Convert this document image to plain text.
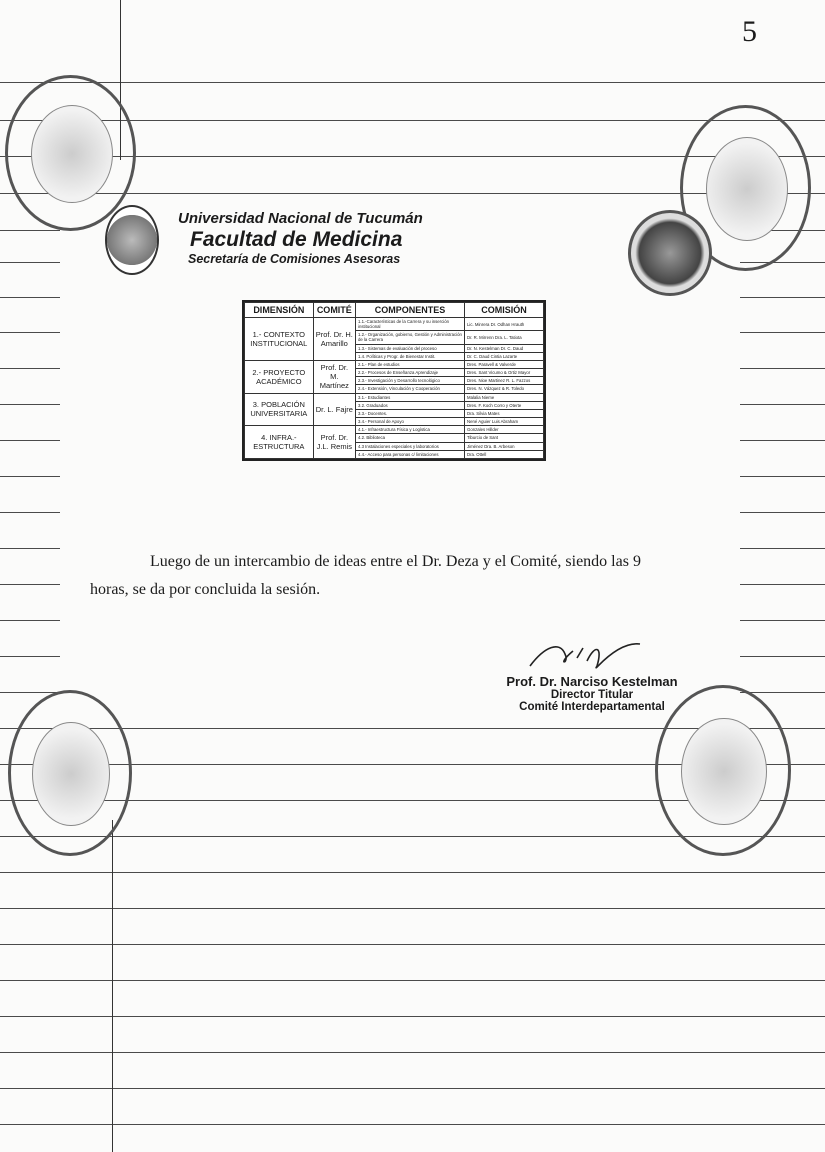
5
Universidad Nacional de Tucumán
Facultad de Medicina
Secretaría de Comisiones Asesoras
DIMENSIÓN	COMITÉ	COMPONENTES	COMISIÓN
1.- CONTEXTO INSTITUCIONAL	Prof. Dr. H. Amarillo	1.1.-Características de la Carrera y su inserción institucional	Lic. Minrera Dr. Odhan Hrauth
		1.2.- Organización, gobierno, Gestión y Administración de la Carrera	Dr. R. Mirrenn Dra. L. Tatiota
		1.3.- Sistemas de evaluación del proceso	Dr. N. Kestelman Dr. C. Daud
		1.4. Políticas y Progr. de Bienestar Instit.	Dr. C. Daud Cintia Lazarte
2.- PROYECTO ACADÉMICO	Prof. Dr. M. Martínez	2.1.- Plan de estudios	Dres. Paravell & Valverde
		2.2.- Procesos de Enseñanza Aprendizaje	Dres. Sant Vicumo & Ortiz Mayor
		2.3.- Investigación y Desarrollo tecnológico	Dres. Nioe Martinez R. L. Fazzos
		2.4.- Extensión, Vinculación y Cooperación	Dres. N. Vázquez & R. Toledo
3. POBLACIÓN UNIVERSITARIA	Dr. L. Fajre	3.1.- Estudiantes	Malalia Nieme
		3.2. Graduados	Dres. F. Koch Corro y Oterte
		3.3.- Docentes.	Dra. Silvia Mates
		3.4.- Personal de Apoyo	Nené Aguier Luis Abraham
4. INFRA.- ESTRUCTURA	Prof. Dr. J.L. Remis	4.1.- Infraestructura Física y Logística	Gonzales Hillder
		4.2. Biblioteca	Tiburcio de Sant
		4.3 Instalaciones especiales y laboratorios	Jiménez Dra. B. Arbeson
		4.4.- Acceso para personas c/ limitaciones	Dra. Ottell
Luego de un intercambio de ideas entre el Dr. Deza y el Comité, siendo las 9
horas, se da por concluida la sesión.
Prof. Dr. Narciso Kestelman
Director Titular
Comité Interdepartamental
